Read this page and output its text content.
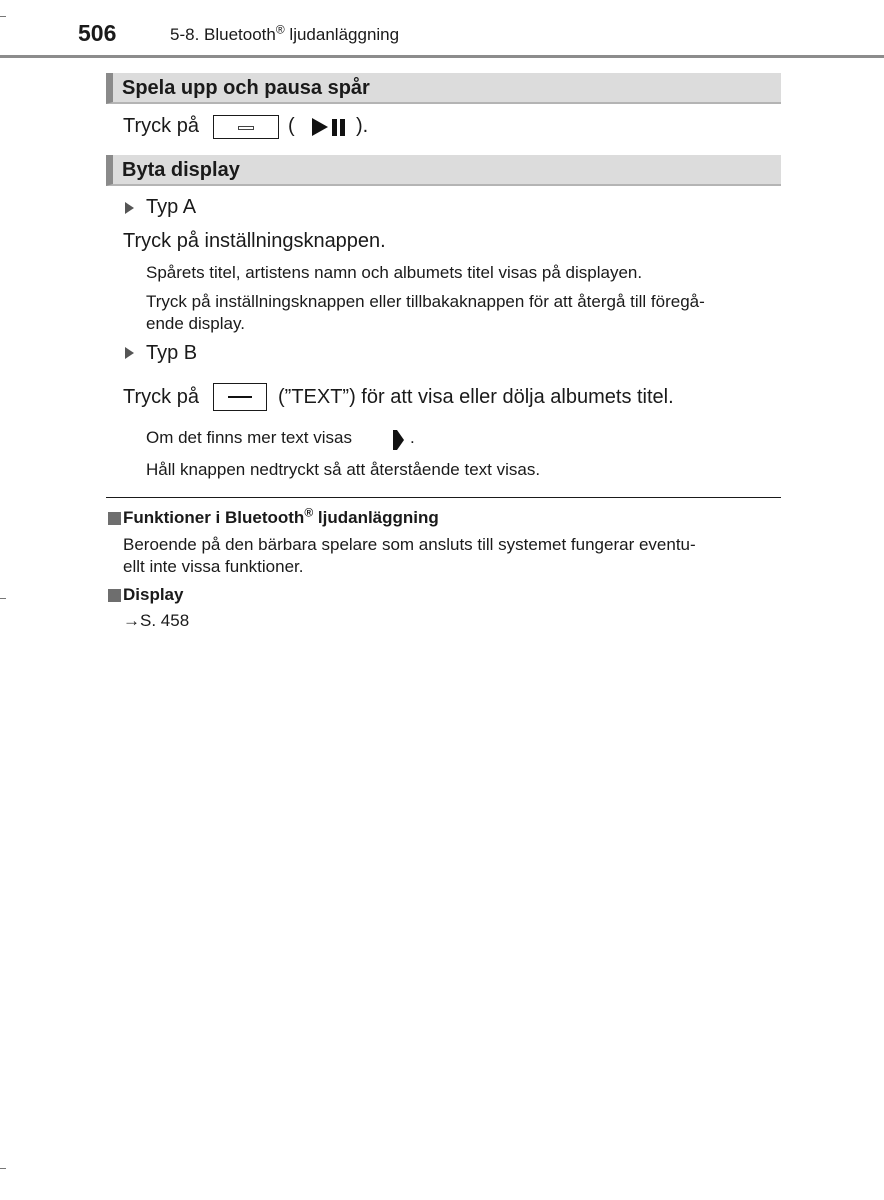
506	5-8. Bluetooth® ljudanläggning
Spela upp och pausa spår
Tryck på	(	).
Byta display
Typ A
Tryck på inställningsknappen.
Spårets titel, artistens namn och albumets titel visas på displayen.
Tryck på inställningsknappen eller tillbakaknappen för att återgå till föregå-
ende display.
Typ B
Tryck på	(”TEXT”) för att visa eller dölja albumets titel.
Om det finns mer text visas	.
Håll knappen nedtryckt så att återstående text visas.
Funktioner i Bluetooth® ljudanläggning
Beroende på den bärbara spelare som ansluts till systemet fungerar eventu-
ellt inte vissa funktioner.
Display
→S. 458
